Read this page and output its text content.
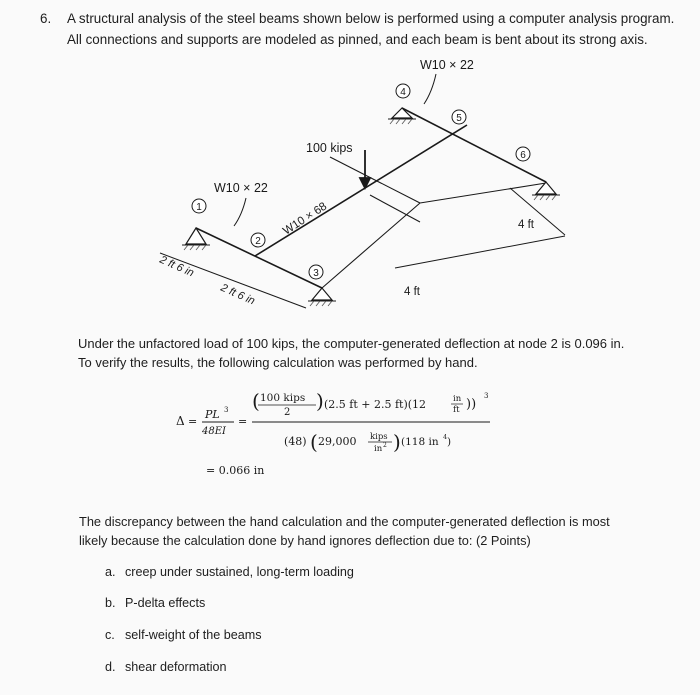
6. A structural analysis of the steel beams shown below is performed using a computer analysis program. All connections and supports are modeled as pinned, and each beam is bent about its strong axis.
1
2
3
4
5
6
W10 × 22
W10 × 22
W10 × 68
100 kips
4 ft
4 ft
2 ft 6 in
2 ft 6 in
Under the unfactored load of 100 kips, the computer-generated deflection at node 2 is 0.096 in.
To verify the results, the following calculation was performed by hand.
Δ =
PL 3
48EI
=
( 100 kips
2 ) (2.5 ft + 2.5 ft)(12	in
ft ))
3
(48) ( 29,000 kips
in 2 ) (118 in 4 )
= 0.066 in
The discrepancy between the hand calculation and the computer-generated deflection is most
likely because the calculation done by hand ignores deflection due to: (2 Points)
a. creep under sustained, long-term loading
b. P-delta effects
c. self-weight of the beams
d. shear deformation
